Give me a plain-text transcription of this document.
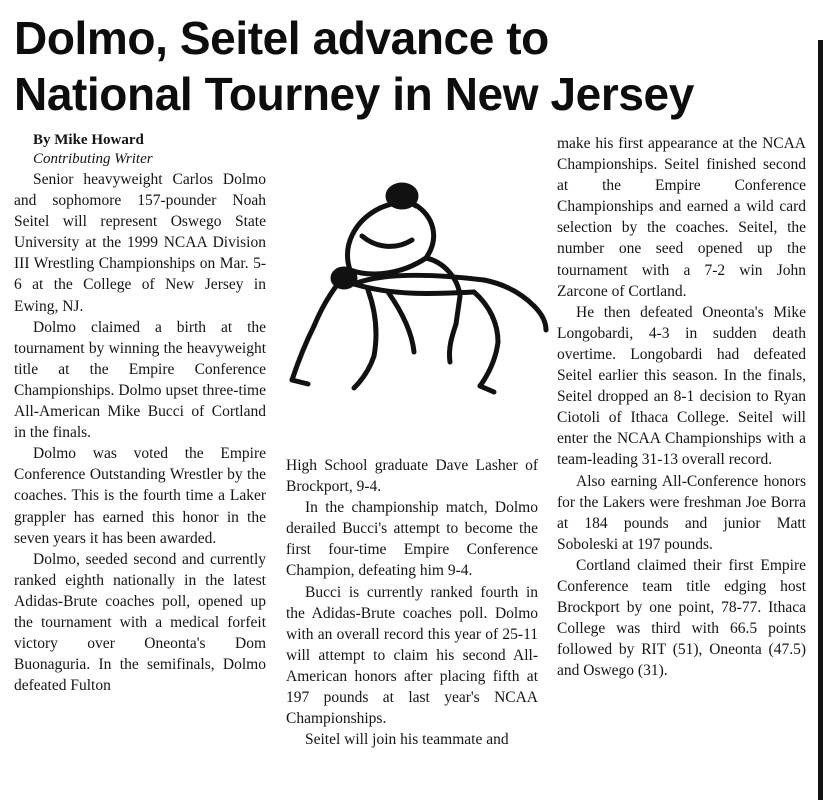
Dolmo, Seitel advance to
National Tourney in New Jersey

By Mike Howard

Contributing Writer

Senior heavyweight Carlos Dolmo and sophomore 157-pounder Noah Seitel will represent Oswego State University at the 1999 NCAA Division III Wrestling Championships on Mar. 5-6 at the College of New Jersey in Ewing, NJ.

Dolmo claimed a birth at the tournament by winning the heavyweight title at the Empire Conference Championships. Dolmo upset three-time All-American Mike Bucci of Cortland in the finals.

Dolmo was voted the Empire Conference Outstanding Wrestler by the coaches. This is the fourth time a Laker grappler has earned this honor in the seven years it has been awarded.

Dolmo, seeded second and currently ranked eighth nationally in the latest Adidas-Brute coaches poll, opened up the tournament with a medical forfeit victory over Oneonta's Dom Buonaguria. In the semifinals, Dolmo defeated Fulton

High School graduate Dave Lasher of Brockport, 9-4.

In the championship match, Dolmo derailed Bucci's attempt to become the first four-time Empire Conference Champion, defeating him 9-4.

Bucci is currently ranked fourth in the Adidas-Brute coaches poll. Dolmo with an overall record this year of 25-11 will attempt to claim his second All-American honors after placing fifth at 197 pounds at last year's NCAA Championships.

Seitel will join his teammate and

make his first appearance at the NCAA Championships. Seitel finished second at the Empire Conference Championships and earned a wild card selection by the coaches. Seitel, the number one seed opened up the tournament with a 7-2 win John Zarcone of Cortland.

He then defeated Oneonta's Mike Longobardi, 4-3 in sudden death overtime. Longobardi had defeated Seitel earlier this season. In the finals, Seitel dropped an 8-1 decision to Ryan Ciotoli of Ithaca College. Seitel will enter the NCAA Championships with a team-leading 31-13 overall record.

Also earning All-Conference honors for the Lakers were freshman Joe Borra at 184 pounds and junior Matt Soboleski at 197 pounds.

Cortland claimed their first Empire Conference team title edging host Brockport by one point, 78-77. Ithaca College was third with 66.5 points followed by RIT (51), Oneonta (47.5) and Oswego (31).
